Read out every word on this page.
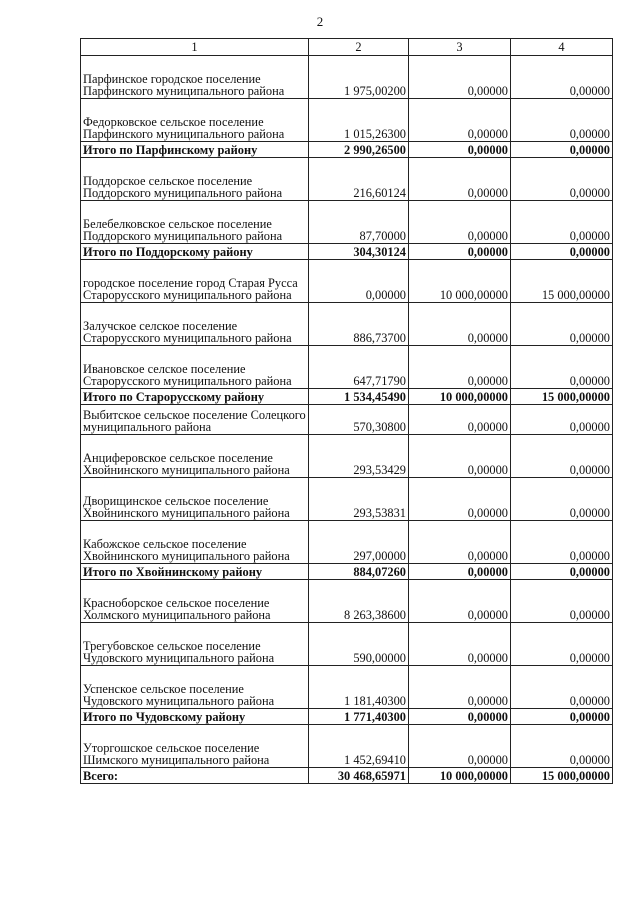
2
1	2	3	4
Парфинское городское поселение Парфинского муниципального района	1 975,00200	0,00000	0,00000
Федорковское сельское поселение Парфинского муниципального района	1 015,26300	0,00000	0,00000
Итого по Парфинскому району	2 990,26500	0,00000	0,00000
Поддорское сельское поселение Поддорского муниципального района	216,60124	0,00000	0,00000
Белебелковское сельское поселение Поддорского муниципального района	87,70000	0,00000	0,00000
Итого по Поддорскому району	304,30124	0,00000	0,00000
городское поселение город Старая Русса Старорусского муниципального района	0,00000	10 000,00000	15 000,00000
Залучское селское поселение Старорусского муниципального района	886,73700	0,00000	0,00000
Ивановское селское поселение Старорусского муниципального района	647,71790	0,00000	0,00000
Итого по Старорусскому району	1 534,45490	10 000,00000	15 000,00000
Выбитское сельское поселение Солецкого муниципального района	570,30800	0,00000	0,00000
Анциферовское сельское поселение Хвойнинского муниципального района	293,53429	0,00000	0,00000
Дворищинское сельское поселение Хвойнинского муниципального района	293,53831	0,00000	0,00000
Кабожское сельское поселение Хвойнинского муниципального района	297,00000	0,00000	0,00000
Итого по Хвойнинскому району	884,07260	0,00000	0,00000
Краснобoрское сельское поселение Холмского муниципального района	8 263,38600	0,00000	0,00000
Трегубовское сельское поселение Чудовского муниципального района	590,00000	0,00000	0,00000
Успенское сельское поселение Чудовского муниципального района	1 181,40300	0,00000	0,00000
Итого по Чудовскому району	1 771,40300	0,00000	0,00000
Уторгошское сельское поселение Шимского муниципального района	1 452,69410	0,00000	0,00000
Всего:	30 468,65971	10 000,00000	15 000,00000
